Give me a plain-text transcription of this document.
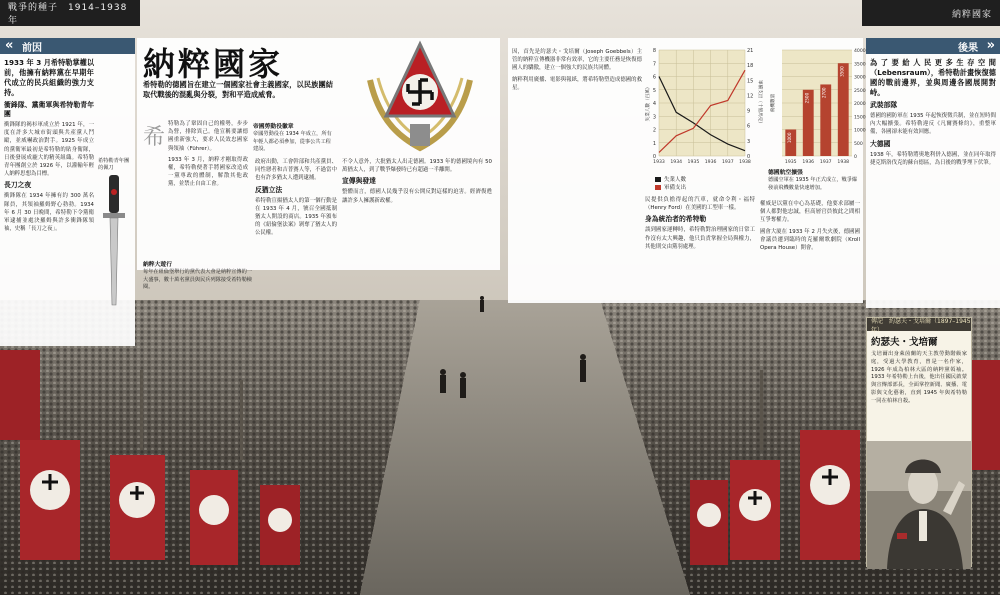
戰爭的種子　1914–1938年
納粹國家
« 前因

1933 年 3 月希特勒掌權以前，他擁有納粹黨在早期年代成立的民兵組織的強力支持。

衝鋒隊、黨衛軍與希特勒青年團

衝鋒隊的褐衫軍成立於 1921 年，一度在許多大城市街頭與共產黨人鬥毆，並威嚇政治對手。1925 年成立的黨衛軍最初是希特勒的貼身衛隊，日後發展成龐大的精英組織。希特勒青年團創立於 1926 年，以灌輸年輕人納粹思想為目標。

長刀之夜

衝鋒隊在 1934 年擁有約 300 萬名隊員，其領袖羅姆野心勃勃。1934 年 6 月 30 日晚間，希特勒下令黨衛軍逮捕並處決羅姆與許多衝鋒隊領袖，史稱「長刀之夜」。

希特勒青年團的佩刀
納粹國家

希特勒的德國旨在建立一個國家社會主義國家，以民族團結取代戰後的混亂與分裂，對和平造成威脅。

希

特勒為了鞏固自己的權勢，步步為營，排除異己。他宣稱要讓德國重新強大，要求人民效忠國家與領袖（Führer）。

1933 年 3 月，納粹才剛取得政權，希特勒便著手將國家改造成一黨專政的體制，解散其他政黨，並禁止自由工會。

帝國勞動役徽章
帝國勞動役在 1934 年成立，所有年輕人都必須參加，從事公共工程建設。
納粹大遊行
每年在紐倫堡舉行的黨代表大會是納粹宣傳的一大盛事，數十萬名黨員與民兵列隊接受希特勒檢閱。

政府出動，工會幹部和共產黨員、同性戀者和吉普賽人等，不過當中也有許多猶太人遭到逮捕。

反猶立法

希特勒宣揚猶太人的第一個行動是在 1933 年 4 月，號召全國抵制猶太人開設的商店。1935 年頒布的《紐倫堡法案》剝奪了猶太人的公民權。

不令人意外，大批猶太人出走德國。1933 年的德國境內有 50 萬猶太人，到了戰爭爆發時已有超過一半離開。

宣傳與發達

整體而言，德國人民幾乎沒有公開反對這樣的迫害。經濟復甦讓許多人擁護新政權。

因，首先是約瑟夫・戈培爾（Joseph Goebbels）主管的納粹宣傳機器非常有效率，它的主要任務是恢復德國人的驕傲，建立一個強大的民族共同體。

納粹利用廣播、電影與報紙，將希特勒塑造成德國的救星。

0
1
2
3
4
5
6
7
8
0
3
6
9
12
15
18
21
1933 1934 1935 1936 1937 1938
失業人數（百萬）	軍備支出（十億馬克）
失業人數
軍備支出
0
500
1000
1500
2000
2500
3000
3500
4000
1000
1935
2500
1936
2700
1937
3500
1938
飛機數量
德國航空擴張
德國空軍在 1935 年正式成立，戰爭爆發前飛機數量快速增加。

民提供負擔得起的汽車，就命令利・福特（Henry Ford）在美國的工型車一樣。

身為統治者的希特勒

談到國家運轉時，希特勒對治理國家的日常工作沒有太大興趣，他只負責掌握全局與權力，其他則交由黨羽處理。

權威是以黨在中心為基礎，他要求部屬一個人都對他忠誠，但高層官員彼此之間相互爭奪權力。

國會大廈在 1933 年 2 月失火後，德國國會議員遷到臨時的克羅爾歌劇院（Kroll Opera House）開會。

» 後果

為了要給人民更多生存空間（Lebensraum），希特勒計畫恢復德國的戰前邊界，並與周邊各國展開對峙。

武裝部隊

德國的國防軍在 1935 年起恢復徵兵制，並在短時間內大幅擴張。希特勒違反《凡爾賽條約》，重整軍備，各國卻未能有效回應。

大德國

1938 年，希特勒將奧地利併入德國，並在同年取得捷克斯洛伐克的蘇台德區，為日後的戰爭埋下伏筆。

傳記　約瑟夫・戈培爾（1897–1945年）
約瑟夫・戈培爾
戈培爾出身萊茵蘭的天主教勞動階級家庭，受過大學教育，曾是一名作家，1926 年成為柏林大區的納粹黨領袖。1933 年希特勒上台後，他出任國民啟蒙與宣傳部部長，全面掌控新聞、廣播、電影與文化藝術，直到 1945 年與希特勒一同在柏林自殺。
